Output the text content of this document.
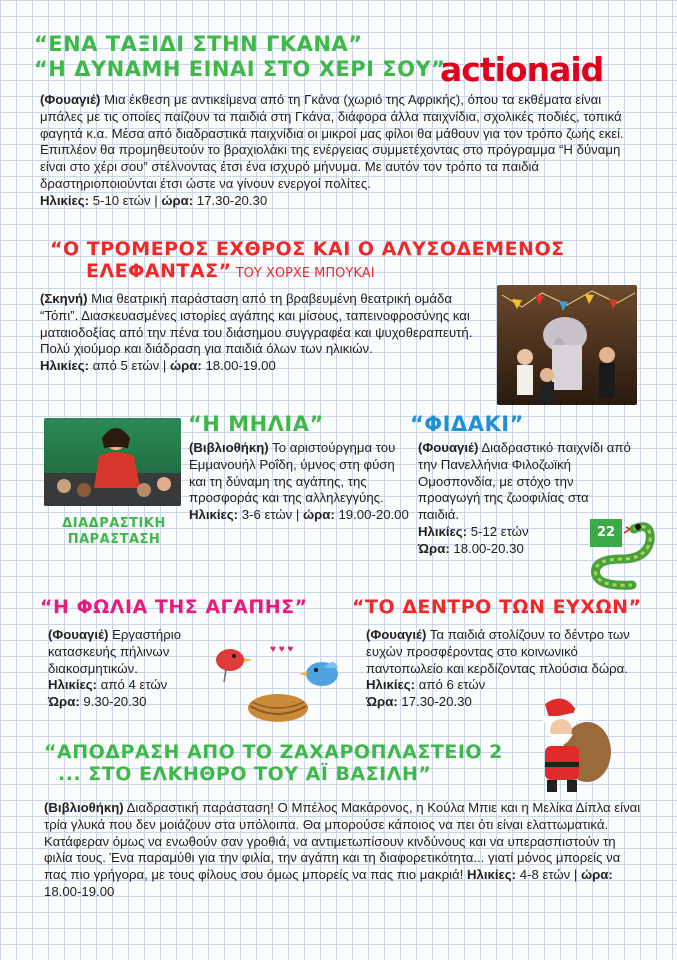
“ΕΝΑ ΤΑΞΙΔΙ ΣΤΗΝ ΓΚΑΝΑ”
“Η ΔΥΝΑΜΗ ΕΙΝΑΙ ΣΤΟ ΧΕΡΙ ΣΟΥ”
actionaid
(Φουαγιέ) Μια έκθεση με αντικείμενα από τη Γκάνα (χωριό της Αφρικής), όπου τα εκθέματα είναι μπάλες με τις οποίες παίζουν τα παιδιά στη Γκάνα, διάφορα άλλα παιχνίδια, σχολικές ποδιές, τοπικά φαγητά κ.α. Μέσα από διαδραστικά παιχνίδια οι μικροί μας φίλοι θα μάθουν για τον τρόπο ζωής εκεί. Επιπλέον θα προμηθευτούν το βραχιολάκι της ενέργειας συμμετέχοντας στο πρόγραμμα “Η δύναμη είναι στο χέρι σου” στέλνοντας έτσι ένα ισχυρό μήνυμα. Με αυτόν τον τρόπο τα παιδιά δραστηριοποιούνται έτσι ώστε να γίνουν ενεργοί πολίτες.
Ηλικίες: 5-10 ετών | ώρα: 17.30-20.30
“Ο ΤΡΟΜΕΡΟΣ ΕΧΘΡΟΣ ΚΑΙ Ο ΑΛΥΣΟΔΕΜΕΝΟΣ
ΕΛΕΦΑΝΤΑΣ” ΤΟΥ ΧΟΡΧΕ ΜΠΟΥΚΑΙ
(Σκηνή) Μια θεατρική παράσταση από τη βραβευμένη θεατρική ομάδα “Τόπι”. Διασκευασμένες ιστορίες αγάπης και μίσους, ταπεινοφροσύνης και ματαιοδοξίας από την πένα του διάσημου συγγραφέα και ψυχοθεραπευτή. Πολύ χιούμορ και διάδραση για παιδιά όλων των ηλικιών.
Ηλικίες: από 5 ετών | ώρα: 18.00-19.00
ΔΙΑΔΡΑΣΤΙΚΗ
ΠΑΡΑΣΤΑΣΗ
“Η ΜΗΛΙΑ”
(Βιβλιοθήκη) Το αριστούργημα του Εμμανουήλ Ροΐδη, ύμνος στη φύση και τη δύναμη της αγάπης, της προσφοράς και της αλληλεγγύης. Ηλικίες: 3-6 ετών | ώρα: 19.00-20.00
“ΦΙΔΑΚΙ”
(Φουαγιέ) Διαδραστικό παιχνίδι από την Πανελλήνια Φιλοζωϊκή Ομοσπονδία, με στόχο την προαγωγή της ζωοφιλίας στα παιδιά.
Ηλικίες: 5-12 ετών
Ώρα: 18.00-20.30
22
“Η ΦΩΛΙΑ ΤΗΣ ΑΓΑΠΗΣ”
(Φουαγιέ) Εργαστήριο κατασκευής πήλινων διακοσμητικών.
Ηλικίες: από 4 ετών
Ώρα: 9.30-20.30
♥ ♥ ♥
“ΤΟ ΔΕΝΤΡΟ ΤΩΝ ΕΥΧΩΝ”
(Φουαγιέ) Τα παιδιά στολίζουν το δέντρο των ευχών προσφέροντας στο κοινωνικό παντοπωλείο και κερδίζοντας πλούσια δώρα.
Ηλικίες: από 6 ετών
Ώρα: 17.30-20.30
“ΑΠΟΔΡΑΣΗ ΑΠΟ ΤΟ ΖΑΧΑΡΟΠΛΑΣΤΕΙΟ 2
... ΣΤΟ ΕΛΚΗΘΡΟ ΤΟΥ ΑΪ ΒΑΣΙΛΗ”
(Βιβλιοθήκη) Διαδραστική παράσταση! Ο Μπέλος Μακάρονος, η Κούλα Μπιε και η Μελίκα Δίπλα είναι τρία γλυκά που δεν μοιάζουν στα υπόλοιπα. Θα μπορούσε κάποιος να πει ότι είναι ελαττωματικά. Κατάφεραν όμως να ενωθούν σαν γροθιά, να αντιμετωπίσουν κινδύνους και να υπερασπιστούν τη φιλία τους. Ένα παραμύθι για την φιλία, την αγάπη και τη διαφορετικότητα... γιατί μόνος μπορείς να πας πιο γρήγορα, με τους φίλους σου όμως μπορείς να πας πιο μακριά! Ηλικίες: 4-8 ετών | ώρα: 18.00-19.00
